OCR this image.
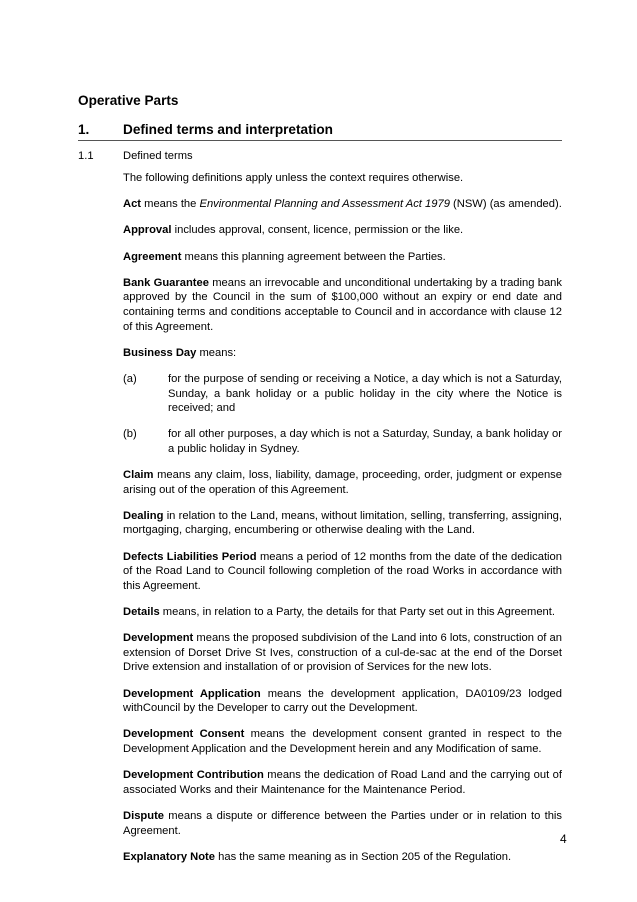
Operative Parts
1. Defined terms and interpretation
1.1	Defined terms

The following definitions apply unless the context requires otherwise.

Act means the Environmental Planning and Assessment Act 1979 (NSW) (as amended).

Approval includes approval, consent, licence, permission or the like.

Agreement means this planning agreement between the Parties.

Bank Guarantee means an irrevocable and unconditional undertaking by a trading bank approved by the Council in the sum of $100,000 without an expiry or end date and containing terms and conditions acceptable to Council and in accordance with clause 12 of this Agreement.

Business Day means:

(a)	for the purpose of sending or receiving a Notice, a day which is not a Saturday, Sunday, a bank holiday or a public holiday in the city where the Notice is received; and
(b)	for all other purposes, a day which is not a Saturday, Sunday, a bank holiday or a public holiday in Sydney.

Claim means any claim, loss, liability, damage, proceeding, order, judgment or expense arising out of the operation of this Agreement.

Dealing in relation to the Land, means, without limitation, selling, transferring, assigning, mortgaging, charging, encumbering or otherwise dealing with the Land.

Defects Liabilities Period means a period of 12 months from the date of the dedication of the Road Land to Council following completion of the road Works in accordance with this Agreement.

Details means, in relation to a Party, the details for that Party set out in this Agreement.

Development means the proposed subdivision of the Land into 6 lots, construction of an extension of Dorset Drive St Ives, construction of a cul-de-sac at the end of the Dorset Drive extension and installation of or provision of Services for the new lots.

Development Application means the development application, DA0109/23 lodged withCouncil by the Developer to carry out the Development.

Development Consent means the development consent granted in respect to the Development Application and the Development herein and any Modification of same.

Development Contribution means the dedication of Road Land and the carrying out of associated Works and their Maintenance for the Maintenance Period.

Dispute means a dispute or difference between the Parties under or in relation to this Agreement.

Explanatory Note has the same meaning as in Section 205 of the Regulation.

4
